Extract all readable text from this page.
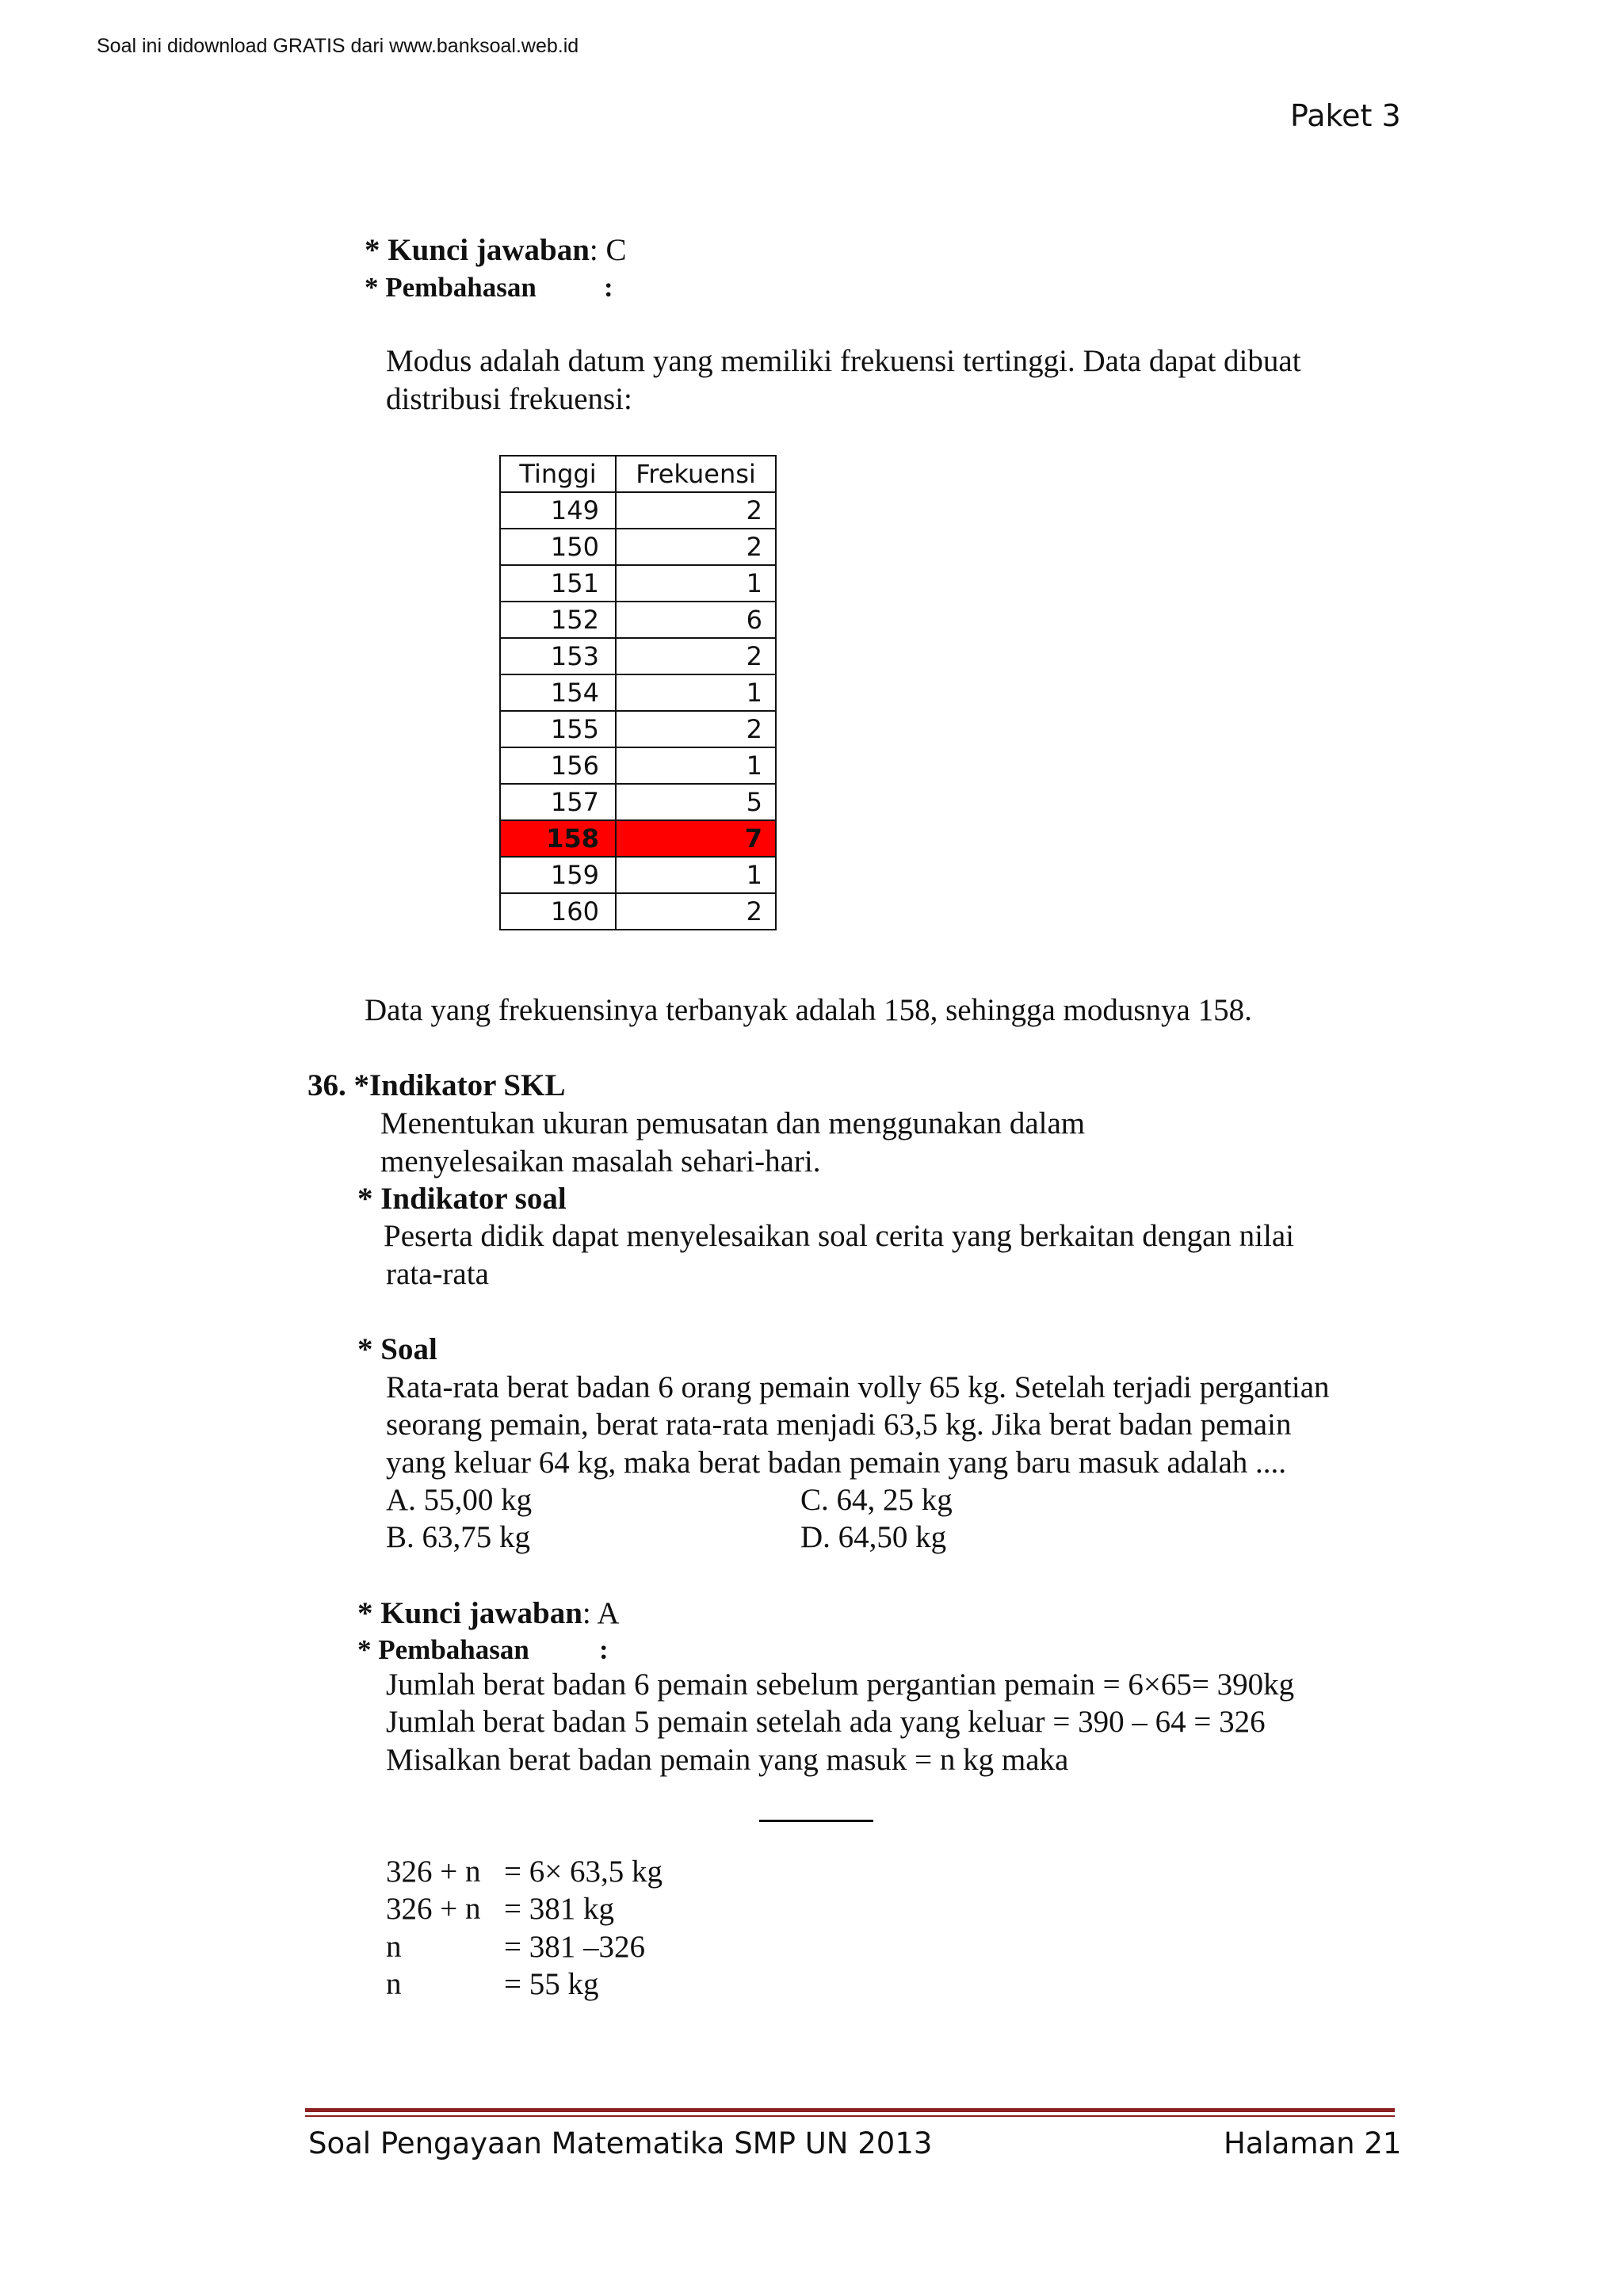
Soal ini didownload GRATIS dari www.banksoal.web.id
Paket 3
* Kunci jawaban: C
* Pembahasan :
Modus adalah datum yang memiliki frekuensi tertinggi. Data dapat dibuat
distribusi frekuensi:
Tinggi	Frekuensi
149	2
150	2
151	1
152	6
153	2
154	1
155	2
156	1
157	5
158	7
159	1
160	2
Data yang frekuensinya terbanyak adalah 158, sehingga modusnya 158.
36. *Indikator SKL
Menentukan ukuran pemusatan dan menggunakan dalam
menyelesaikan masalah sehari-hari.
* Indikator soal
Peserta didik dapat menyelesaikan soal cerita yang berkaitan dengan nilai
rata-rata
* Soal
Rata-rata berat badan 6 orang pemain volly 65 kg. Setelah terjadi pergantian
seorang pemain, berat rata-rata menjadi 63,5 kg. Jika berat badan pemain
yang keluar 64 kg, maka berat badan pemain yang baru masuk adalah ....
A. 55,00 kg	C. 64, 25 kg
B. 63,75 kg	D. 64,50 kg
* Kunci jawaban: A
* Pembahasan	:
Jumlah berat badan 6 pemain sebelum pergantian pemain = 6×65= 390kg
Jumlah berat badan 5 pemain setelah ada yang keluar = 390 – 64 = 326
Misalkan berat badan pemain yang masuk = n kg maka
326 + n = 6× 63,5 kg
326 + n = 381 kg
n	= 381 –326
n	= 55 kg
Soal Pengayaan Matematika SMP UN 2013	Halaman 21
